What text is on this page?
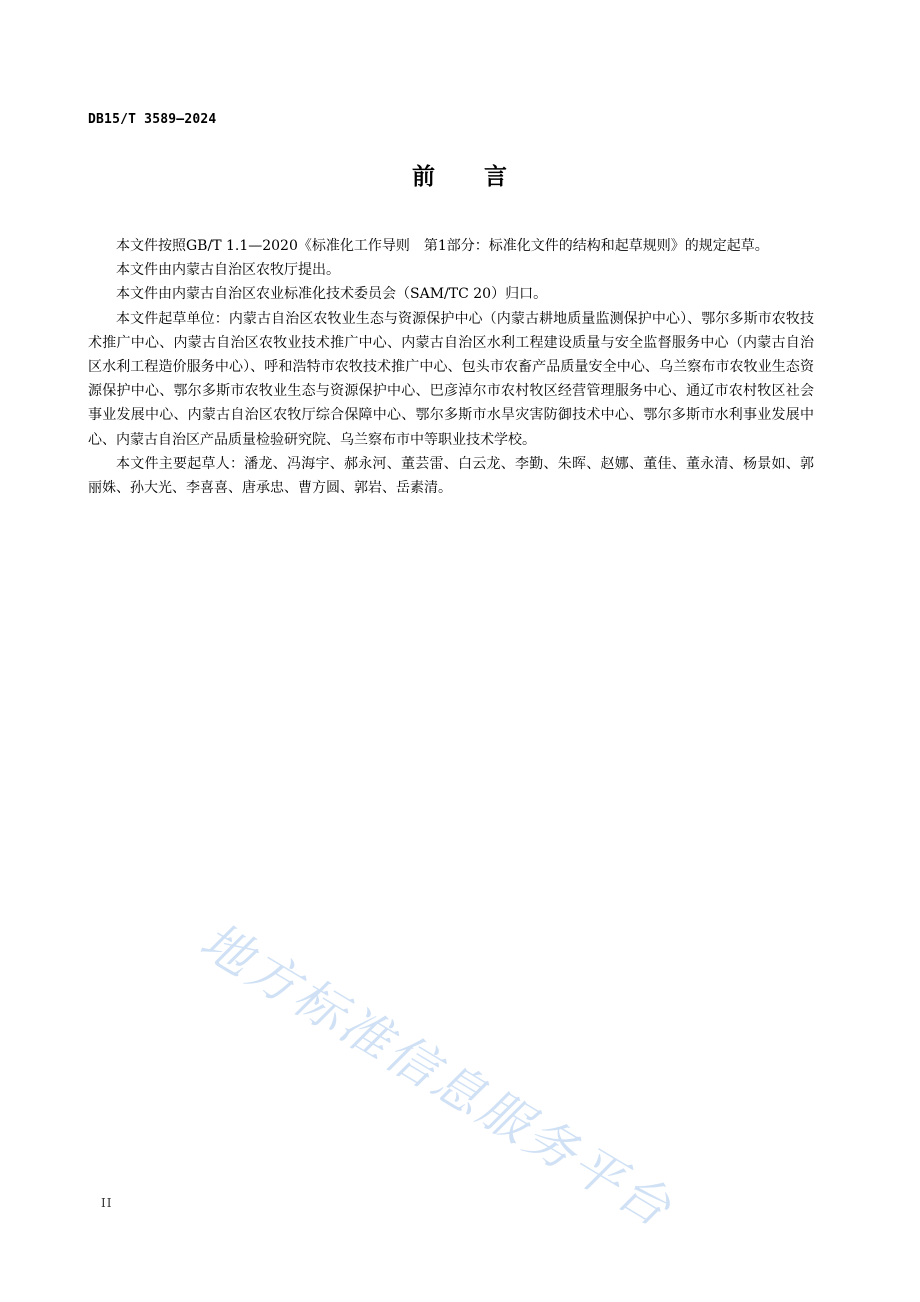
DB15/T 3589—2024
前　　言

本文件按照GB/T 1.1—2020《标准化工作导则　第1部分：标准化文件的结构和起草规则》的规定起草。

本文件由内蒙古自治区农牧厅提出。

本文件由内蒙古自治区农业标准化技术委员会（SAM/TC 20）归口。

本文件起草单位：内蒙古自治区农牧业生态与资源保护中心（内蒙古耕地质量监测保护中心）、鄂尔多斯市农牧技术推广中心、内蒙古自治区农牧业技术推广中心、内蒙古自治区水利工程建设质量与安全监督服务中心（内蒙古自治区水利工程造价服务中心）、呼和浩特市农牧技术推广中心、包头市农畜产品质量安全中心、乌兰察布市农牧业生态资源保护中心、鄂尔多斯市农牧业生态与资源保护中心、巴彦淖尔市农村牧区经营管理服务中心、通辽市农村牧区社会事业发展中心、内蒙古自治区农牧厅综合保障中心、鄂尔多斯市水旱灾害防御技术中心、鄂尔多斯市水利事业发展中心、内蒙古自治区产品质量检验研究院、乌兰察布市中等职业技术学校。

本文件主要起草人：潘龙、冯海宇、郝永河、董芸雷、白云龙、李勤、朱晖、赵娜、董佳、董永清、杨景如、郭丽姝、孙大光、李喜喜、唐承忠、曹方圆、郭岩、岳素清。

地方标准信息服务平台
II
